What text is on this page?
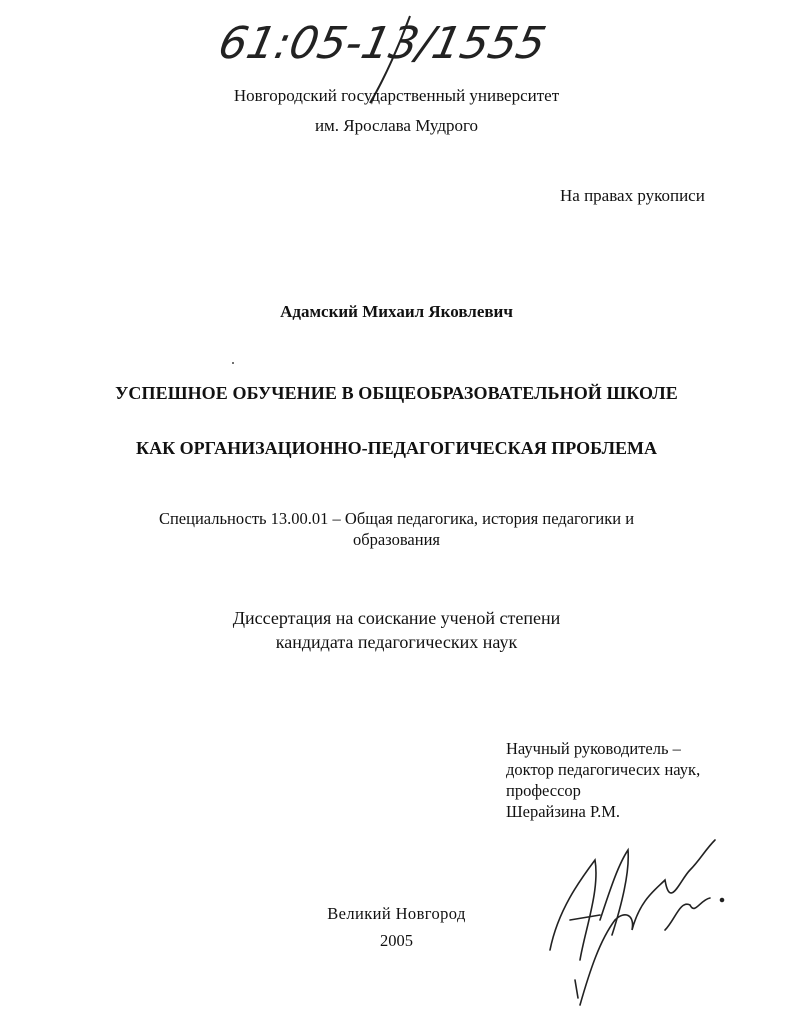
61:05-13/1555
Новгородский государственный университет
им. Ярослава Мудрого
На правах рукописи
Адамский Михаил Яковлевич
УСПЕШНОЕ ОБУЧЕНИЕ В ОБЩЕОБРАЗОВАТЕЛЬНОЙ ШКОЛЕ
КАК ОРГАНИЗАЦИОННО-ПЕДАГОГИЧЕСКАЯ ПРОБЛЕМА
Специальность 13.00.01 – Общая педагогика, история педагогики и
образования
Диссертация на соискание ученой степени
кандидата педагогических наук
Научный руководитель –
доктор педагогичесих наук,
профессор
Шерайзина Р.М.
Великий Новгород
2005
